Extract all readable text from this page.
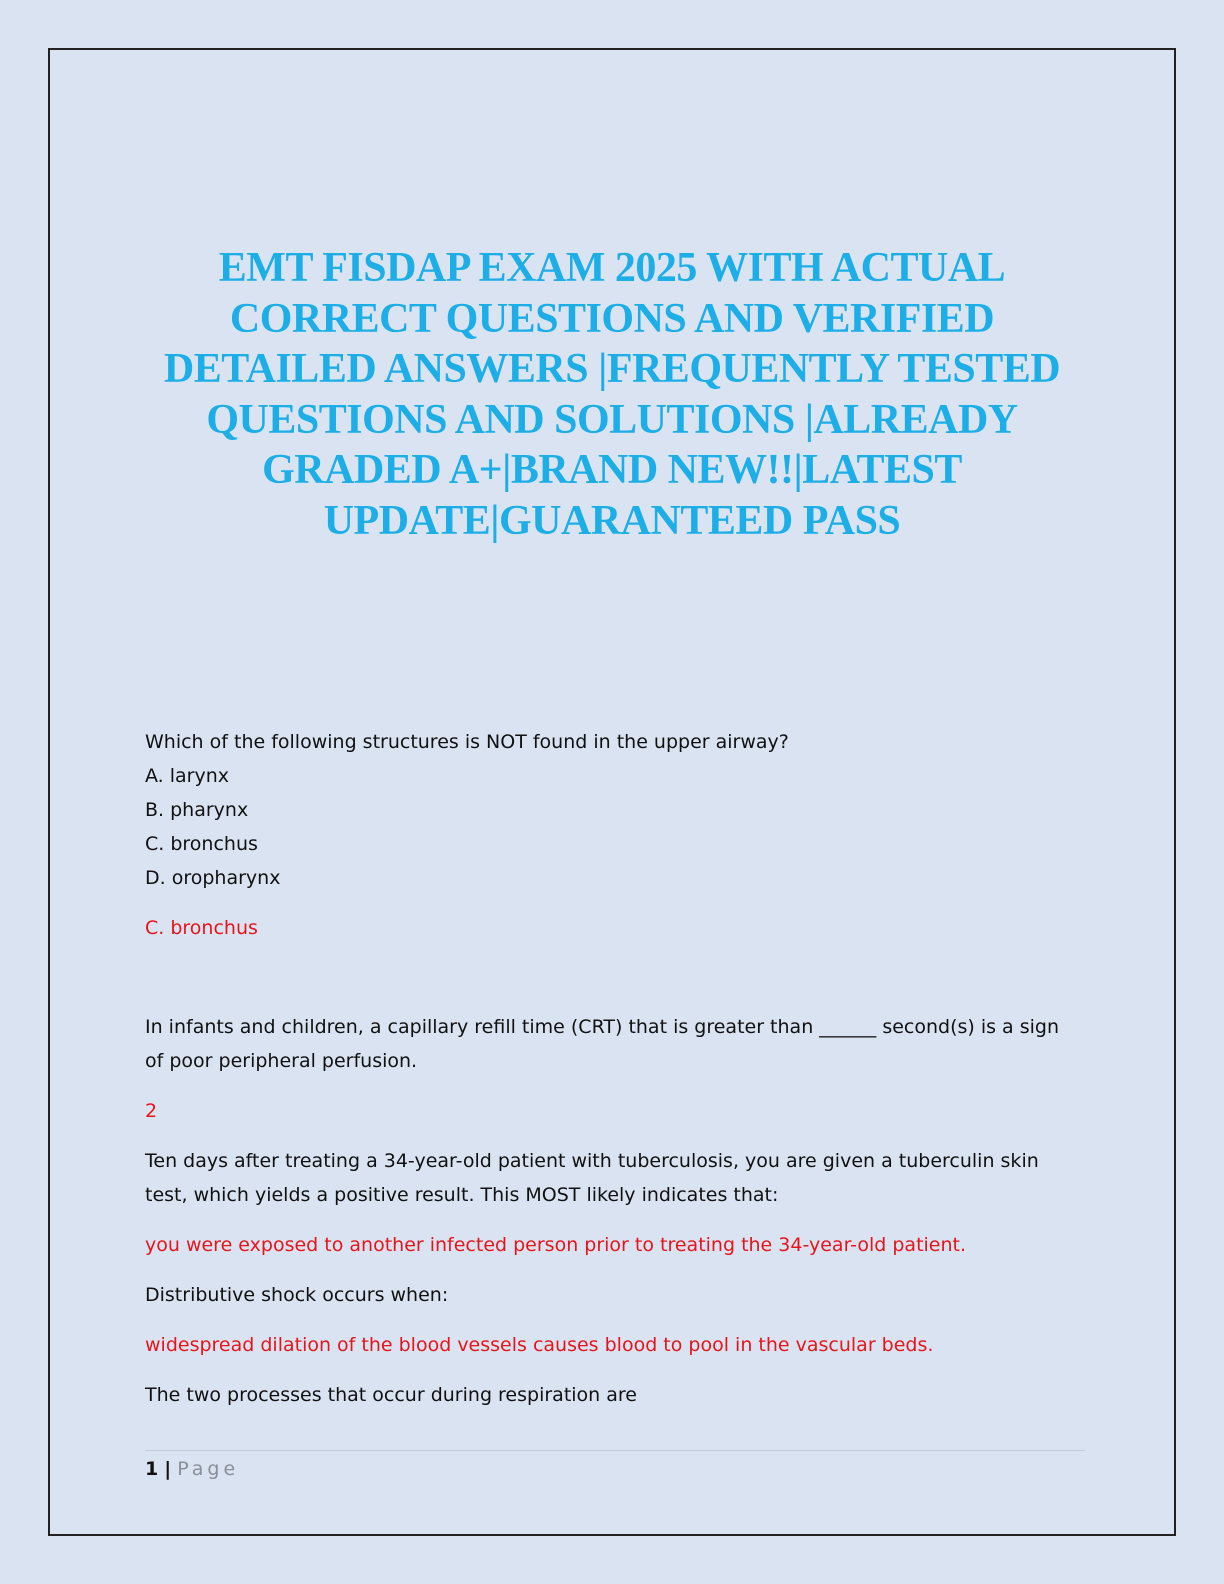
EMT FISDAP EXAM 2025 WITH ACTUAL
CORRECT QUESTIONS AND VERIFIED
DETAILED ANSWERS |FREQUENTLY TESTED
QUESTIONS AND SOLUTIONS |ALREADY
GRADED A+|BRAND NEW!!|LATEST
UPDATE|GUARANTEED PASS

Which of the following structures is NOT found in the upper airway?

A. larynx

B. pharynx

C. bronchus

D. oropharynx

C. bronchus

In infants and children, a capillary refill time (CRT) that is greater than ______ second(s) is a sign

of poor peripheral perfusion.

2

Ten days after treating a 34-year-old patient with tuberculosis, you are given a tuberculin skin

test, which yields a positive result. This MOST likely indicates that:

you were exposed to another infected person prior to treating the 34-year-old patient.

Distributive shock occurs when:

widespread dilation of the blood vessels causes blood to pool in the vascular beds.

The two processes that occur during respiration are

1 | Page
